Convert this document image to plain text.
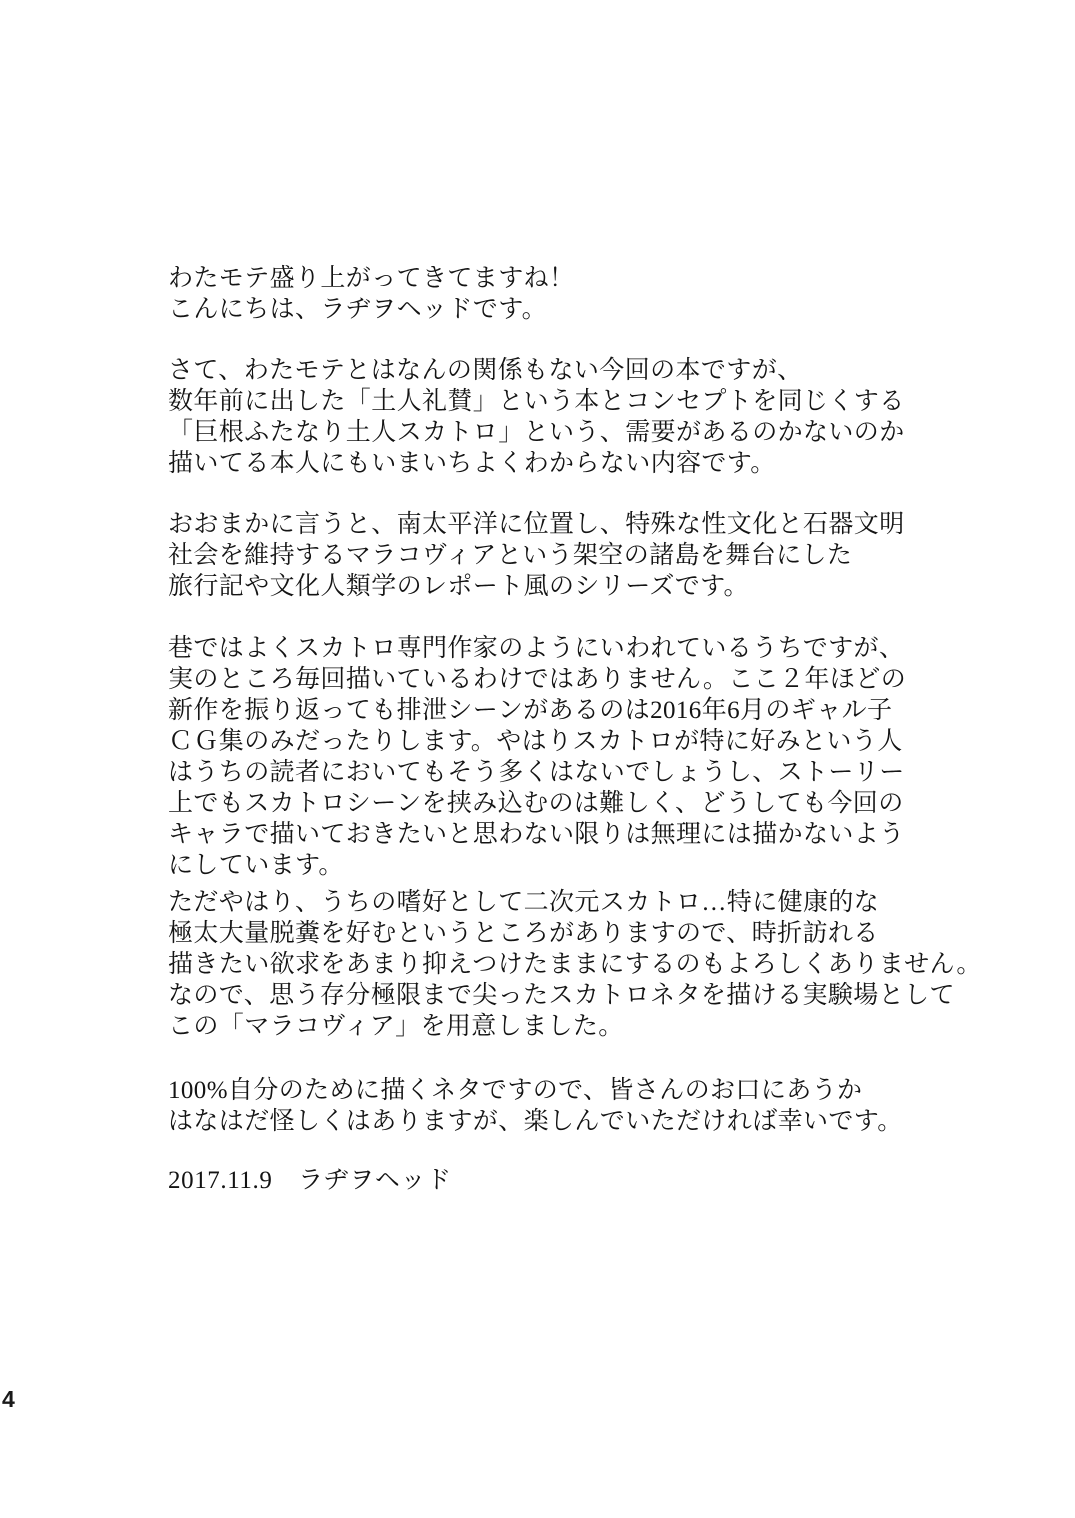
わたモテ盛り上がってきてますね！
こんにちは、ラヂヲヘッドです。

さて、わたモテとはなんの関係もない今回の本ですが、
数年前に出した「土人礼賛」という本とコンセプトを同じくする
「巨根ふたなり土人スカトロ」という、需要があるのかないのか
描いてる本人にもいまいちよくわからない内容です。

おおまかに言うと、南太平洋に位置し、特殊な性文化と石器文明
社会を維持するマラコヴィアという架空の諸島を舞台にした
旅行記や文化人類学のレポート風のシリーズです。

巷ではよくスカトロ専門作家のようにいわれているうちですが、
実のところ毎回描いているわけではありません。ここ２年ほどの
新作を振り返っても排泄シーンがあるのは2016年6月のギャル子
ＣＧ集のみだったりします。やはりスカトロが特に好みという人
はうちの読者においてもそう多くはないでしょうし、ストーリー
上でもスカトロシーンを挟み込むのは難しく、どうしても今回の
キャラで描いておきたいと思わない限りは無理には描かないよう
にしています。

ただやはり、うちの嗜好として二次元スカトロ…特に健康的な
極太大量脱糞を好むというところがありますので、時折訪れる
描きたい欲求をあまり抑えつけたままにするのもよろしくありません。
なので、思う存分極限まで尖ったスカトロネタを描ける実験場として
この「マラコヴィア」を用意しました。

100%自分のために描くネタですので、皆さんのお口にあうか
はなはだ怪しくはありますが、楽しんでいただければ幸いです。

2017.11.9　ラヂヲヘッド

4
